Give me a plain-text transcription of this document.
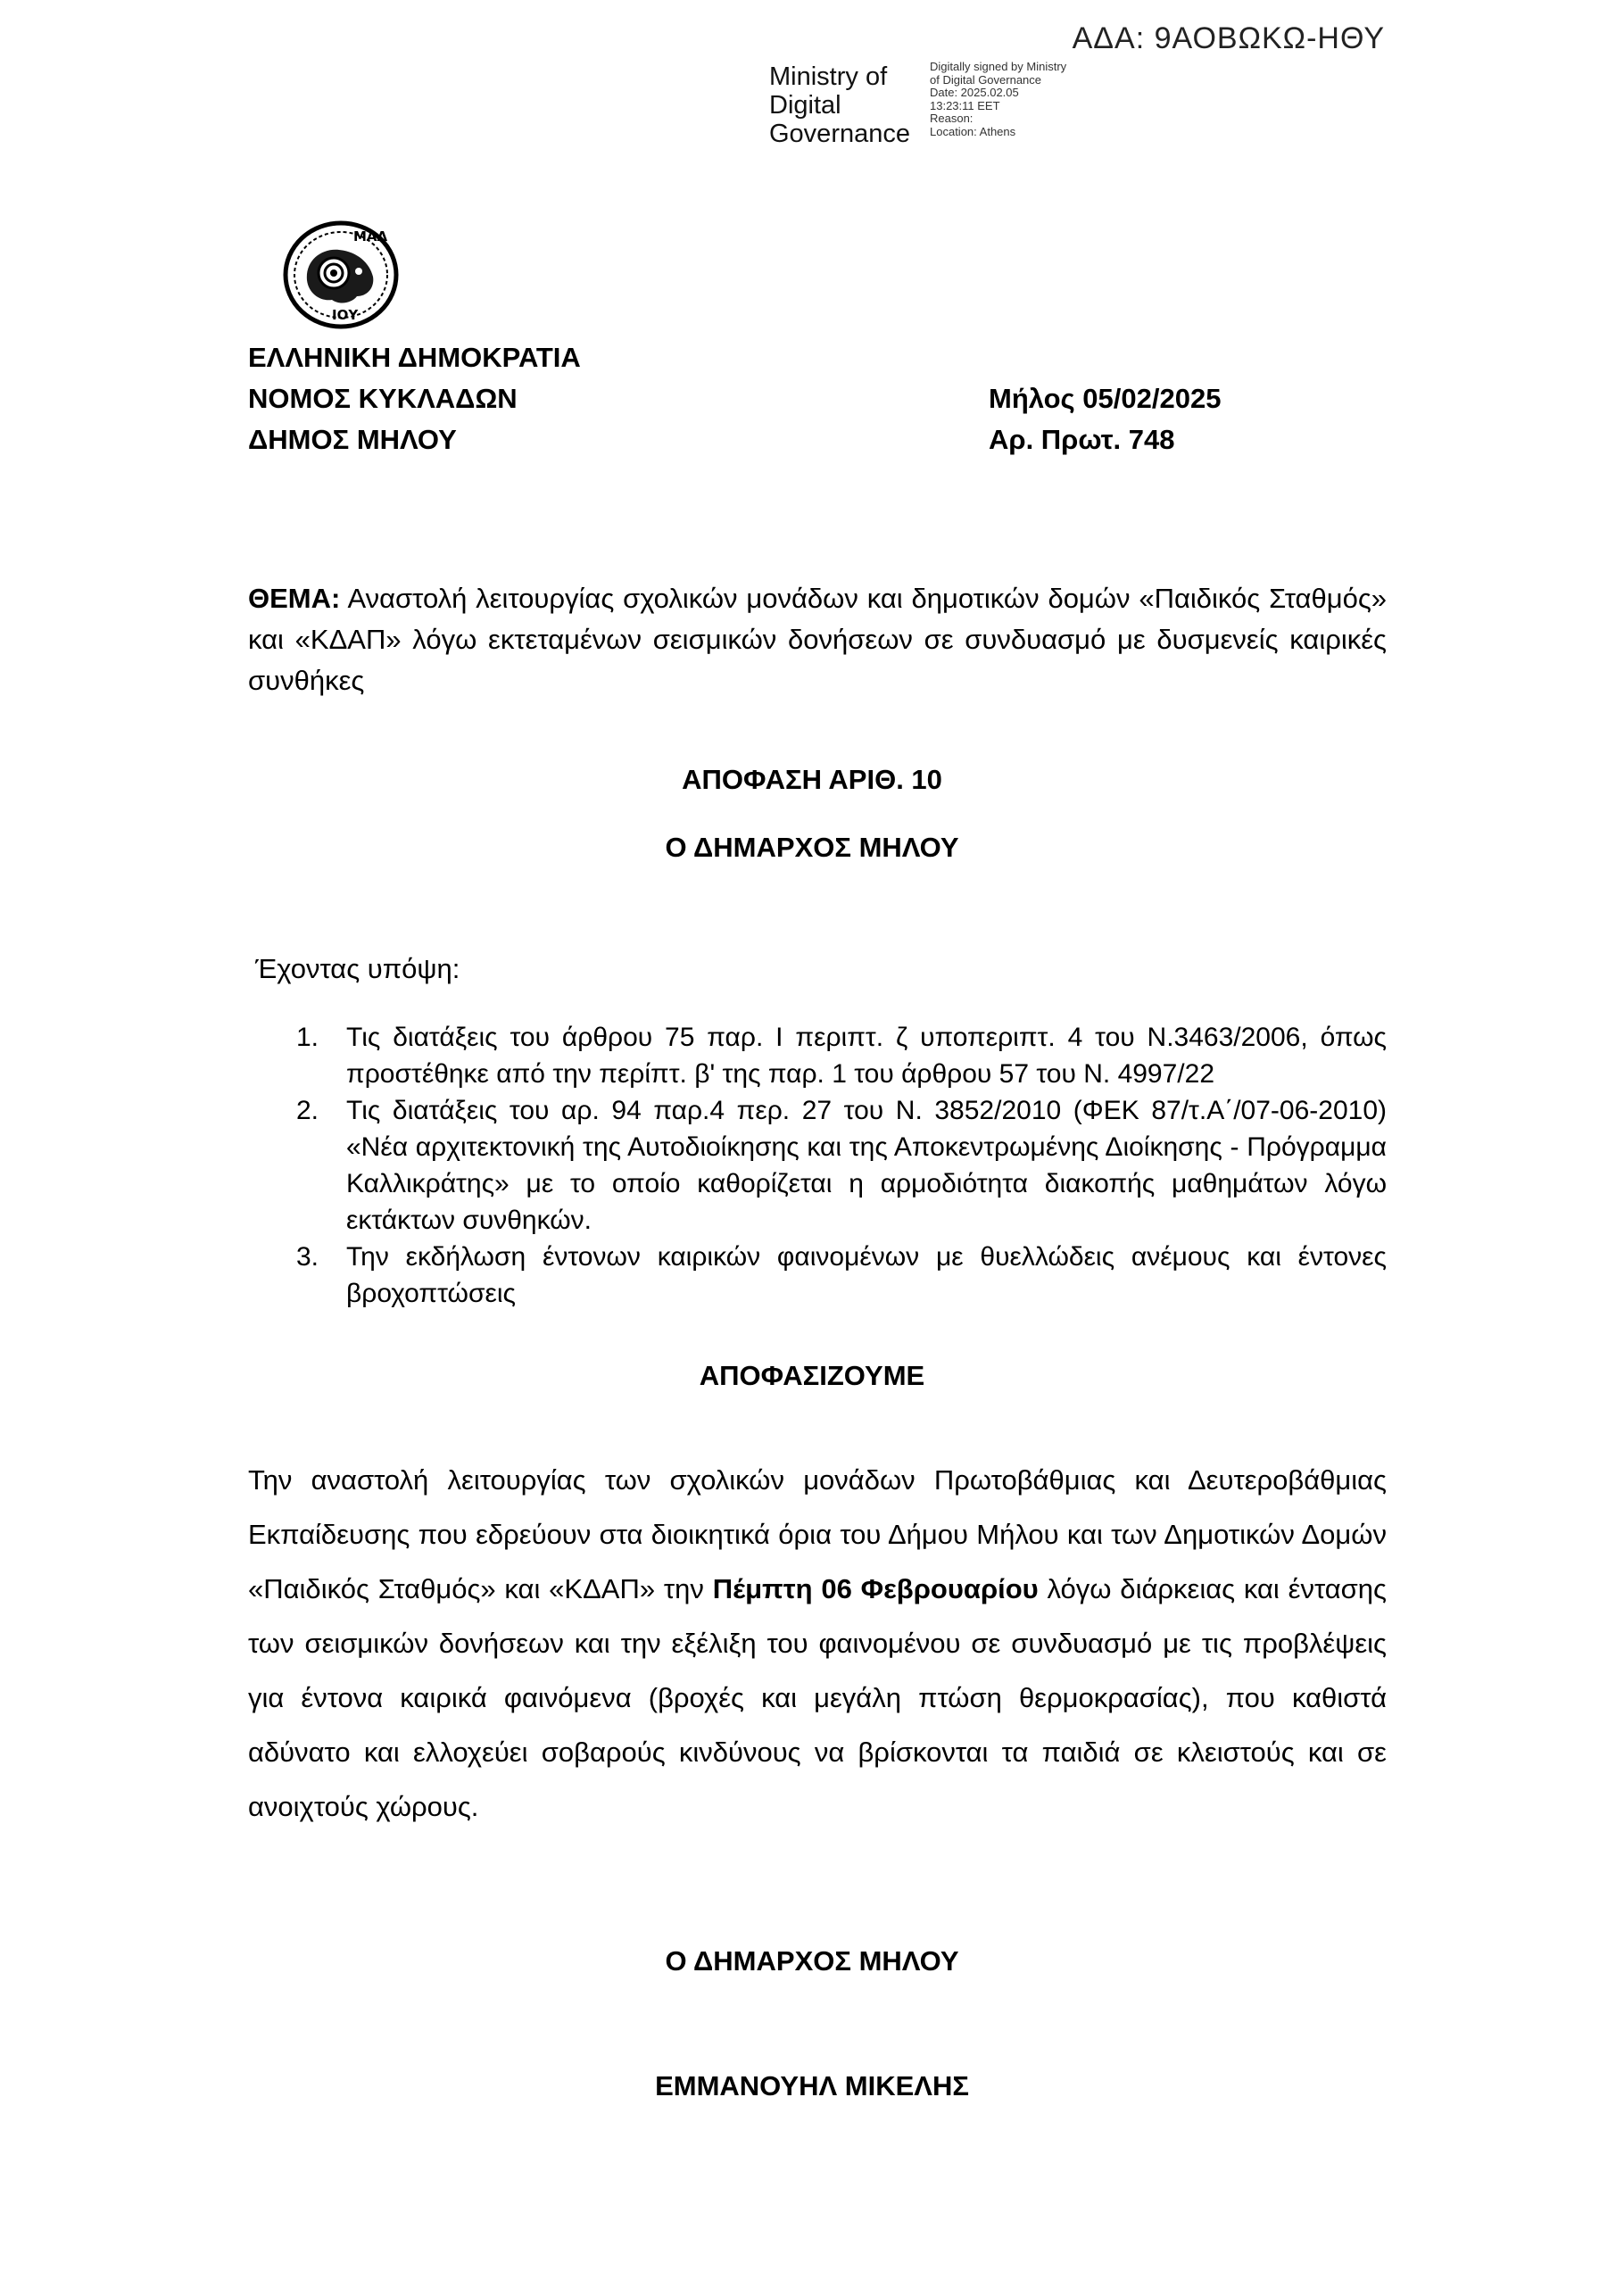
ΑΔΑ: 9ΑΟΒΩΚΩ-ΗΘΥ
Ministry of
Digital
Governance
Digitally signed by Ministry
of Digital Governance
Date: 2025.02.05
13:23:11 EET
Reason:
Location: Athens
ΜΑΛ
ΙΟΥ
ΕΛΛΗΝΙΚΗ ΔΗΜΟΚΡΑΤΙΑ
ΝΟΜΟΣ ΚΥΚΛΑΔΩΝ
ΔΗΜΟΣ ΜΗΛΟΥ
Μήλος 05/02/2025
Αρ. Πρωτ. 748
ΘΕΜΑ: Αναστολή λειτουργίας σχολικών μονάδων και δημοτικών δομών «Παιδικός Σταθμός» και «ΚΔΑΠ» λόγω εκτεταμένων σεισμικών δονήσεων σε συνδυασμό με δυσμενείς καιρικές συνθήκες
ΑΠΟΦΑΣΗ ΑΡΙΘ. 10
Ο ΔΗΜΑΡΧΟΣ ΜΗΛΟΥ
Έχοντας υπόψη:
1. Τις διατάξεις του άρθρου 75 παρ. Ι περιπτ. ζ υποπεριπτ. 4 του Ν.3463/2006, όπως προστέθηκε από την περίπτ. β' της παρ. 1 του άρθρου 57 του Ν. 4997/22
2. Τις διατάξεις του αρ. 94 παρ.4 περ. 27 του Ν. 3852/2010 (ΦΕΚ 87/τ.Α΄/07-06-2010) «Νέα αρχιτεκτονική της Αυτοδιοίκησης και της Αποκεντρωμένης Διοίκησης - Πρόγραμμα Καλλικράτης» με το οποίο καθορίζεται η αρμοδιότητα διακοπής μαθημάτων λόγω εκτάκτων συνθηκών.
3. Την εκδήλωση έντονων καιρικών φαινομένων με θυελλώδεις ανέμους και έντονες βροχοπτώσεις
ΑΠΟΦΑΣΙΖΟΥΜΕ
Την αναστολή λειτουργίας των σχολικών μονάδων Πρωτοβάθμιας και Δευτεροβάθμιας Εκπαίδευσης που εδρεύουν στα διοικητικά όρια του Δήμου Μήλου και των Δημοτικών Δομών «Παιδικός Σταθμός» και «ΚΔΑΠ» την Πέμπτη 06 Φεβρουαρίου λόγω διάρκειας και έντασης των σεισμικών δονήσεων και την εξέλιξη του φαινομένου σε συνδυασμό με τις προβλέψεις για έντονα καιρικά φαινόμενα (βροχές και μεγάλη πτώση θερμοκρασίας), που καθιστά αδύνατο και ελλοχεύει σοβαρούς κινδύνους να βρίσκονται τα παιδιά σε κλειστούς και σε ανοιχτούς χώρους.
Ο ΔΗΜΑΡΧΟΣ ΜΗΛΟΥ
ΕΜΜΑΝΟΥΗΛ ΜΙΚΕΛΗΣ
